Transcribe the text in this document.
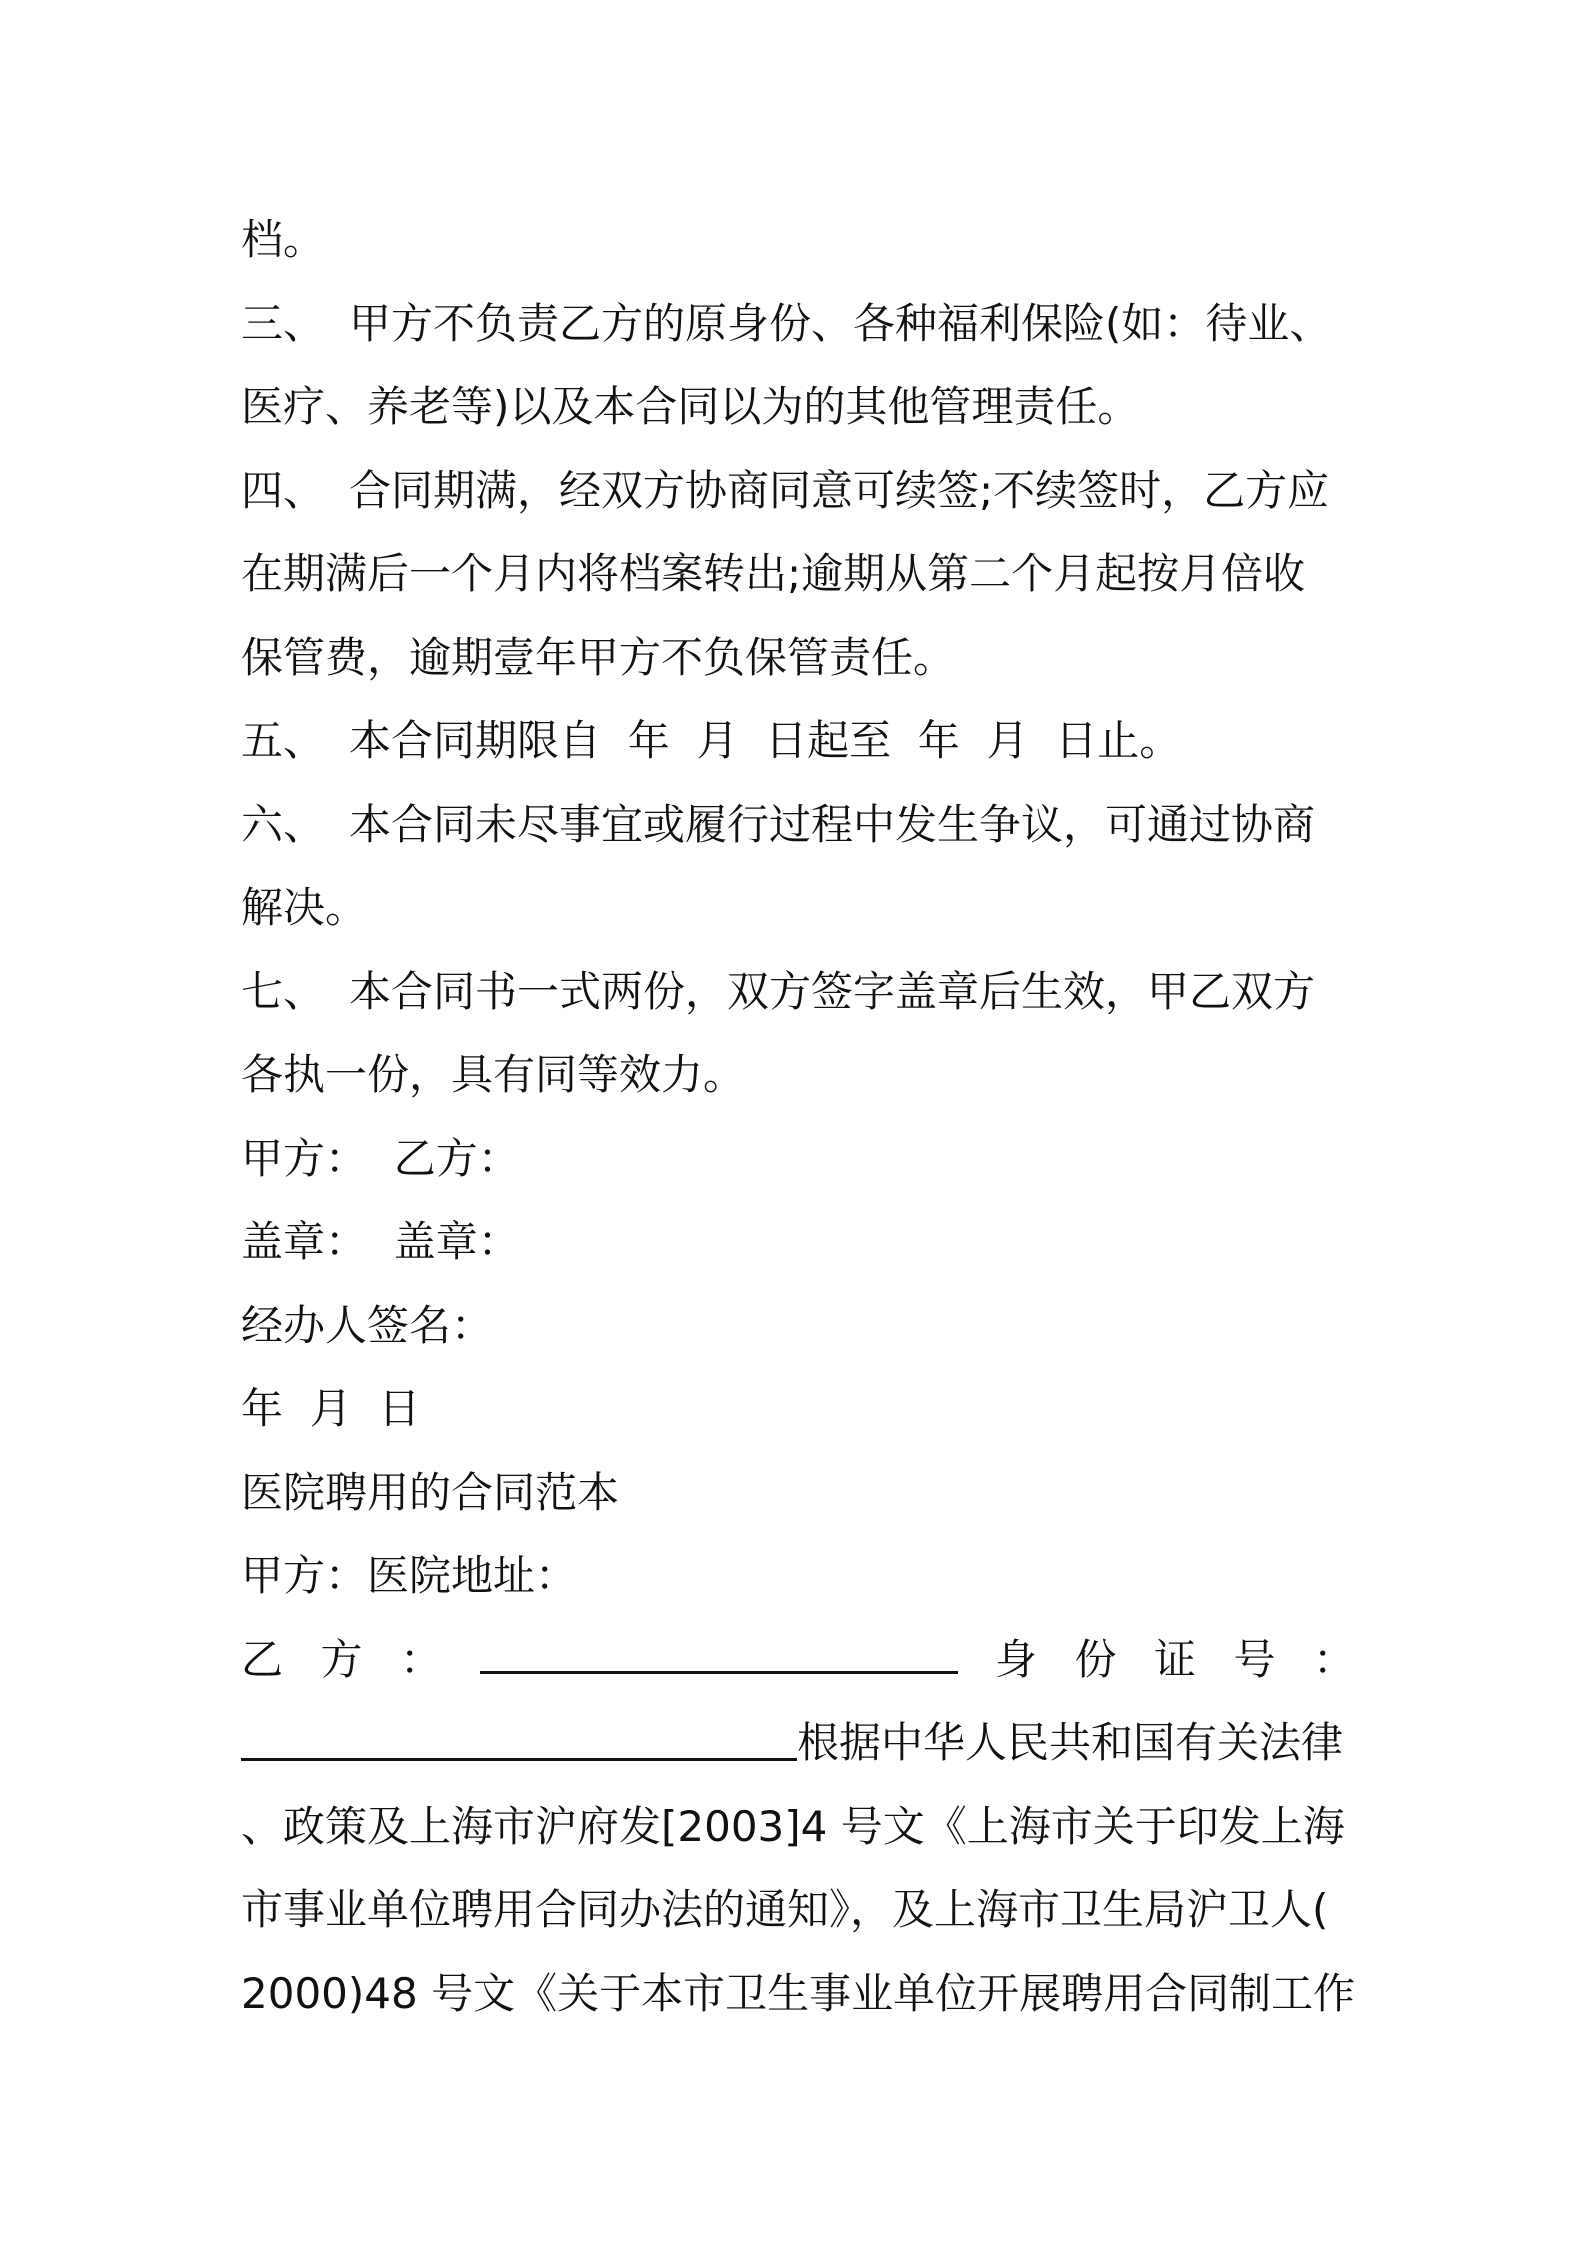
档。
三、 甲方不负责乙方的原身份、各种福利保险(如：待业、
医疗、养老等)以及本合同以为的其他管理责任。
四、 合同期满，经双方协商同意可续签;不续签时，乙方应
在期满后一个月内将档案转出;逾期从第二个月起按月倍收
保管费，逾期壹年甲方不负保管责任。
五、 本合同期限自  年  月  日起至  年  月  日止。
六、 本合同未尽事宜或履行过程中发生争议，可通过协商
解决。
七、 本合同书一式两份，双方签字盖章后生效，甲乙双方
各执一份，具有同等效力。
甲方：  乙方：
盖章：  盖章：
经办人签名：
年  月  日
医院聘用的合同范本
甲方：医院地址：
乙 方 ：	身 份 证 号 ：
根据中华人民共和国有关法律
、政策及上海市沪府发[2003]4 号文《上海市关于印发上海
市事业单位聘用合同办法的通知》，及上海市卫生局沪卫人(
2000)48 号文《关于本市卫生事业单位开展聘用合同制工作
